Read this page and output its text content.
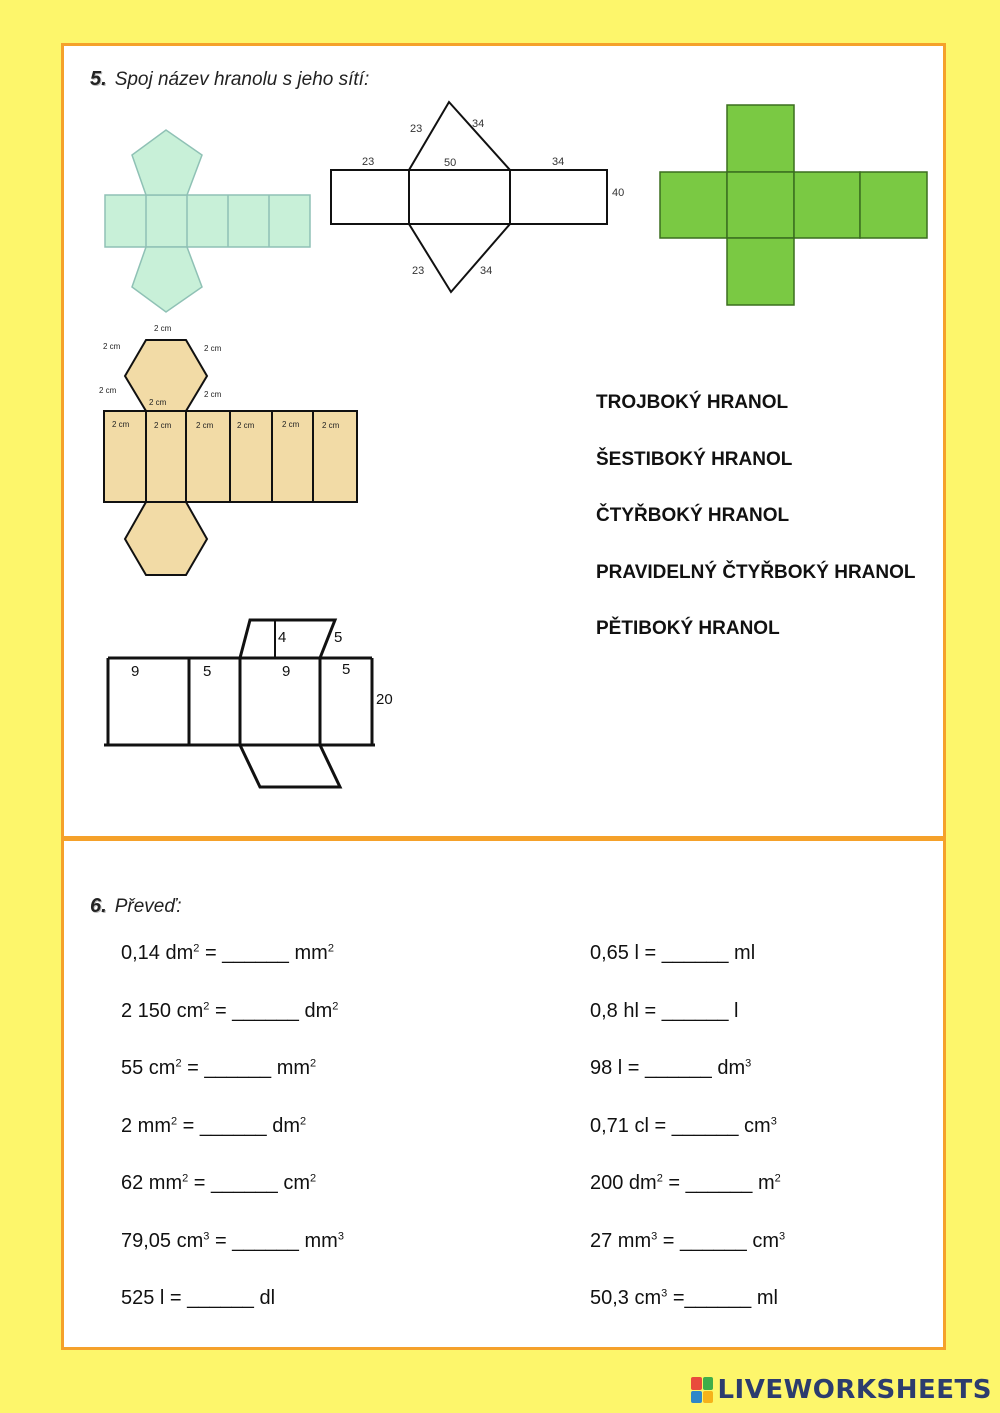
5. Spoj název hranolu s jeho sítí:
23	34
23	50	34
40
23	34
2 cm
2 cm	2 cm
2 cm	2 cm
2 cm
2 cm	2 cm	2 cm	2 cm	2 cm	2 cm
4	5
9	5	9	5
20
TROJBOKÝ HRANOL
ŠESTIBOKÝ HRANOL
ČTYŘBOKÝ HRANOL
PRAVIDELNÝ ČTYŘBOKÝ HRANOL
PĚTIBOKÝ HRANOL
6. Převeď:
0,14 $dm^2$ = ______ $mm^2$
2 150 $cm^2$ = ______ $dm^2$
55 $cm^2$ = ______ $mm^2$
2 $mm^2$ = ______ $dm^2$
62 $mm^2$ = ______ $cm^2$
79,05 $cm^3$ = ______ $mm^3$
525 l = ______ dl
0,65 l = ______ ml
0,8 hl = ______ l
98 l = ______ $dm^3$
0,71 cl = ______ $cm^3$
200 $dm^2$ = ______ $m^2$
27 $mm^3$ = ______ $cm^3$
50,3 $cm^3$ =______ ml
LIVEWORKSHEETS
